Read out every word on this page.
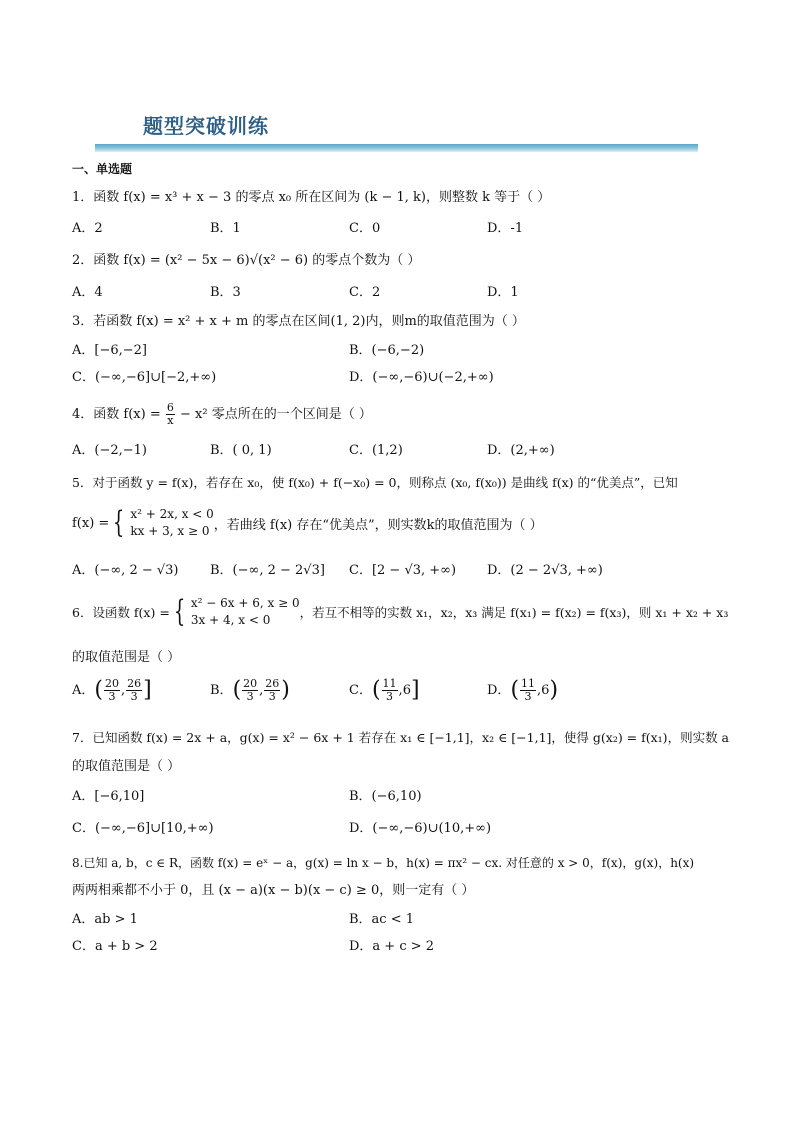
题型突破训练
一、单选题
1．函数 f(x) = x³ + x − 3 的零点 x₀ 所在区间为 (k − 1, k)，则整数 k 等于（ ）
A．2	B．1	C．0	D．-1
2．函数 f(x) = (x² − 5x − 6)√(x² − 6) 的零点个数为（ ）
A．4	B．3	C．2	D．1
3．若函数 f(x) = x² + x + m 的零点在区间(1, 2)内，则m的取值范围为（ ）
A．[−6,−2]	B．(−6,−2)
C．(−∞,−6]∪[−2,+∞)	D．(−∞,−6)∪(−2,+∞)
4．函数 $f(x) = \frac{6}{x} - x^2$ 零点所在的一个区间是（ ）
A．(−2,−1)	B．( 0, 1)	C．(1,2)	D．(2,+∞)
5．对于函数 y = f(x)，若存在 x₀，使 f(x₀) + f(−x₀) = 0，则称点 (x₀, f(x₀)) 是曲线 f(x) 的“优美点”，已知
f(x) = { x² + 2x, x < 0
kx + 3, x ≥ 0 ，若曲线 f(x) 存在“优美点”，则实数k的取值范围为（ ）
A．(−∞, 2 − √3) B．(−∞, 2 − 2√3] C．[2 − √3, +∞) D．(2 − 2√3, +∞)
6．设函数 f(x) = { x² − 6x + 6, x ≥ 0
3x + 4, x < 0	，若互不相等的实数 x₁，x₂，x₃ 满足 f(x₁) = f(x₂) = f(x₃)，则 x₁ + x₂ + x₃
的取值范围是（ ）
A．( $\frac{20}{3}$ , $\frac{26}{3}$ ]	B．( $\frac{20}{3}$ , $\frac{26}{3}$ )	C．( $\frac{11}{3} ,6$]	D．( $\frac{11}{3} ,6$)
7．已知函数 f(x) = 2x + a，g(x) = x² − 6x + 1 若存在 x₁ ∈ [−1,1]，x₂ ∈ [−1,1]，使得 g(x₂) = f(x₁)，则实数 a
的取值范围是（ ）
A．[−6,10]	B．(−6,10)
C．(−∞,−6]∪[10,+∞)	D．(−∞,−6)∪(10,+∞)
8.已知 a, b，c ∈ R，函数 f(x) = eˣ − a，g(x) = ln x − b，h(x) = πx² − cx. 对任意的 x > 0，f(x)，g(x)，h(x)
两两相乘都不小于 0，且 (x − a)(x − b)(x − c) ≥ 0，则一定有（ ）
A．ab > 1	B．ac < 1
C．a + b > 2	D．a + c > 2
